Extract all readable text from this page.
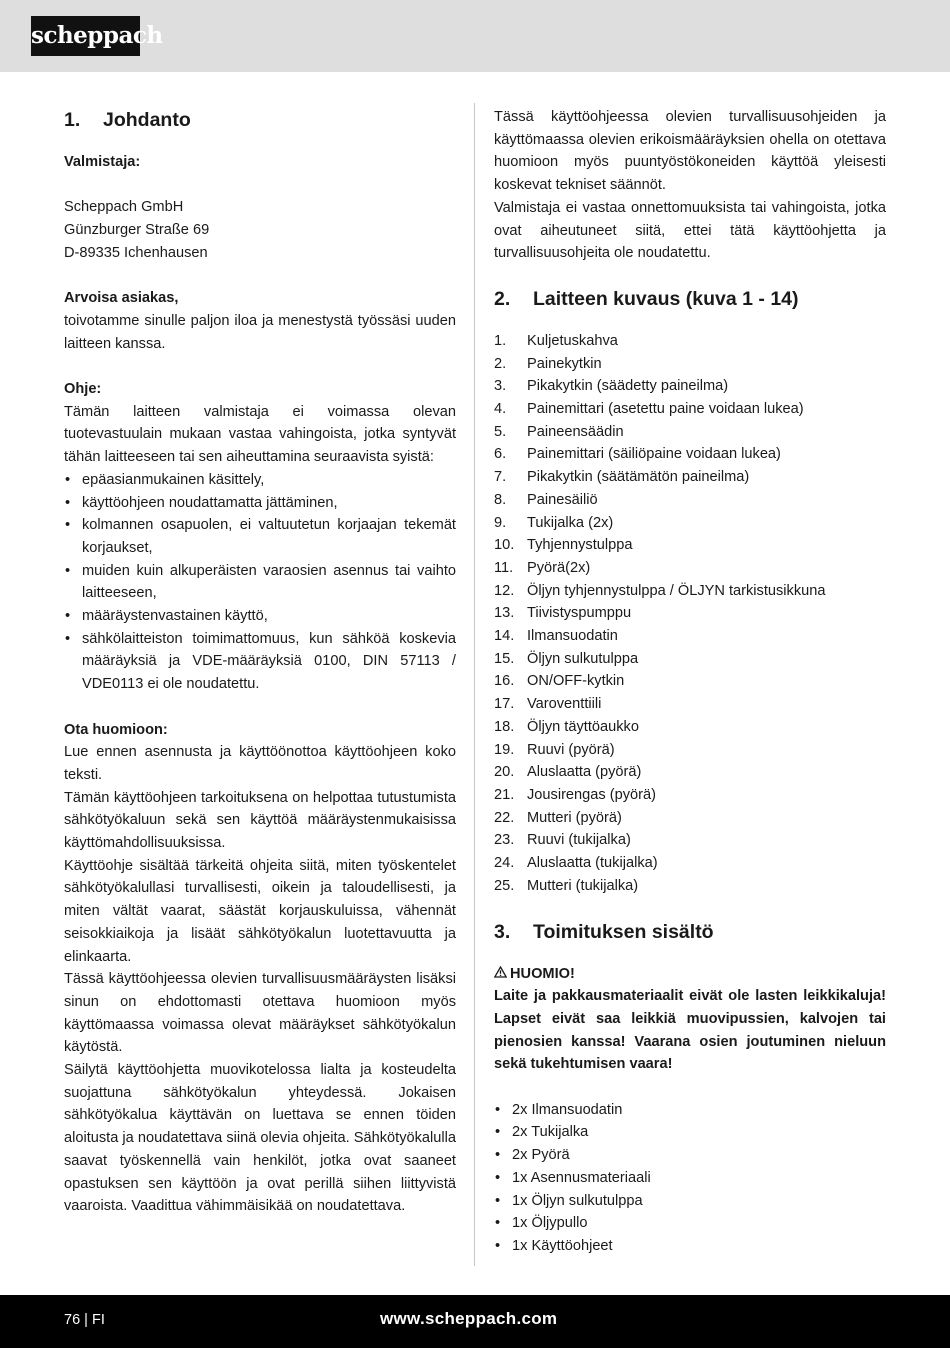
scheppach
1. Johdanto
Valmistaja:
Scheppach GmbH
Günzburger Straße 69
D-89335 Ichenhausen
Arvoisa asiakas,
toivotamme sinulle paljon iloa ja menestystä työssäsi uuden laitteen kanssa.
Ohje:
Tämän laitteen valmistaja ei voimassa olevan tuotevastuulain mukaan vastaa vahingoista, jotka syntyvät tähän laitteeseen tai sen aiheuttamina seuraavista syistä:
• epäasianmukainen käsittely,
• käyttöohjeen noudattamatta jättäminen,
• kolmannen osapuolen, ei valtuutetun korjaajan tekemät korjaukset,
• muiden kuin alkuperäisten varaosien asennus tai vaihto laitteeseen,
• määräystenvastainen käyttö,
• sähkölaitteiston toimimattomuus, kun sähköä koskevia määräyksiä ja VDE-määräyksiä 0100, DIN 57113 / VDE0113 ei ole noudatettu.
Ota huomioon:
Lue ennen asennusta ja käyttöönottoa käyttöohjeen koko teksti.
Tämän käyttöohjeen tarkoituksena on helpottaa tutustumista sähkötyökaluun sekä sen käyttöä määräystenmukaisissa käyttömahdollisuuksissa.
Käyttöohje sisältää tärkeitä ohjeita siitä, miten työskentelet sähkötyökalullasi turvallisesti, oikein ja taloudellisesti, ja miten vältät vaarat, säästät korjauskuluissa, vähennät seisokkiaikoja ja lisäät sähkötyökalun luotettavuutta ja elinkaarta.
Tässä käyttöohjeessa olevien turvallisuusmääräysten lisäksi sinun on ehdottomasti otettava huomioon myös käyttömaassa voimassa olevat määräykset sähkötyökalun käytöstä.
Säilytä käyttöohjetta muovikotelossa lialta ja kosteudelta suojattuna sähkötyökalun yhteydessä. Jokaisen sähkötyökalua käyttävän on luettava se ennen töiden aloitusta ja noudatettava siinä olevia ohjeita. Sähkötyökalulla saavat työskennellä vain henkilöt, jotka ovat saaneet opastuksen sen käyttöön ja ovat perillä siihen liittyvistä vaaroista. Vaadittua vähimmäisikää on noudatettava.
Tässä käyttöohjeessa olevien turvallisuusohjeiden ja käyttömaassa olevien erikoismääräyksien ohella on otettava huomioon myös puuntyöstökoneiden käyttöä yleisesti koskevat tekniset säännöt.
Valmistaja ei vastaa onnettomuuksista tai vahingoista, jotka ovat aiheutuneet siitä, ettei tätä käyttöohjetta ja turvallisuusohjeita ole noudatettu.
2. Laitteen kuvaus (kuva 1 - 14)
1. Kuljetuskahva
2. Painekytkin
3. Pikakytkin (säädetty paineilma)
4. Painemittari (asetettu paine voidaan lukea)
5. Paineensäädin
6. Painemittari (säiliöpaine voidaan lukea)
7. Pikakytkin (säätämätön paineilma)
8. Painesäiliö
9. Tukijalka (2x)
10. Tyhjennystulppa
11. Pyörä(2x)
12. Öljyn tyhjennystulppa / ÖLJYN tarkistusikkuna
13. Tiivistyspumppu
14. Ilmansuodatin
15. Öljyn sulkutulppa
16. ON/OFF-kytkin
17. Varoventtiili
18. Öljyn täyttöaukko
19. Ruuvi (pyörä)
20. Aluslaatta (pyörä)
21. Jousirengas (pyörä)
22. Mutteri (pyörä)
23. Ruuvi (tukijalka)
24. Aluslaatta (tukijalka)
25. Mutteri (tukijalka)
3. Toimituksen sisältö
HUOMIO!
Laite ja pakkausmateriaalit eivät ole lasten leikkikaluja! Lapset eivät saa leikkiä muovipussien, kalvojen tai pienosien kanssa! Vaarana osien joutuminen nieluun sekä tukehtumisen vaara!
• 2x Ilmansuodatin
• 2x Tukijalka
• 2x Pyörä
• 1x Asennusmateriaali
• 1x Öljyn sulkutulppa
• 1x Öljypullo
• 1x Käyttöohjeet
76 | FI	www.scheppach.com
